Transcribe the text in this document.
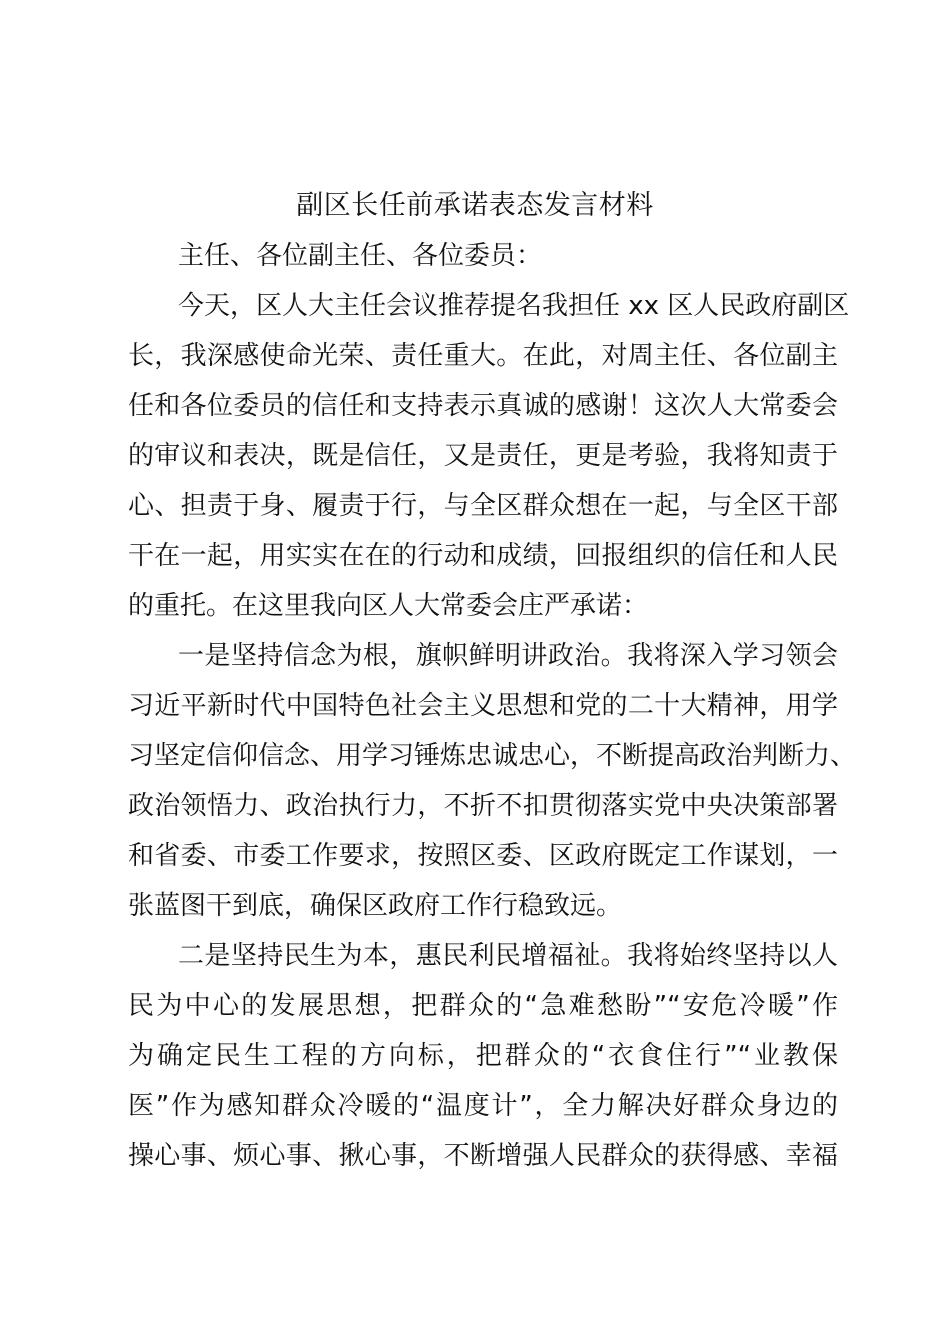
副区长任前承诺表态发言材料

主任、各位副主任、各位委员：

今天，区人大主任会议推荐提名我担任 xx 区人民政府副区

长，我深感使命光荣、责任重大。在此，对周主任、各位副主

任和各位委员的信任和支持表示真诚的感谢！这次人大常委会

的审议和表决，既是信任，又是责任，更是考验，我将知责于

心、担责于身、履责于行，与全区群众想在一起，与全区干部

干在一起，用实实在在的行动和成绩，回报组织的信任和人民

的重托。在这里我向区人大常委会庄严承诺：

一是坚持信念为根，旗帜鲜明讲政治。我将深入学习领会

习近平新时代中国特色社会主义思想和党的二十大精神，用学

习坚定信仰信念、用学习锤炼忠诚忠心，不断提高政治判断力、

政治领悟力、政治执行力，不折不扣贯彻落实党中央决策部署

和省委、市委工作要求，按照区委、区政府既定工作谋划，一

张蓝图干到底，确保区政府工作行稳致远。

二是坚持民生为本，惠民利民增福祉。我将始终坚持以人

民为中心的发展思想，把群众的“急难愁盼”“安危冷暖”作

为确定民生工程的方向标，把群众的“衣食住行”“业教保

医”作为感知群众冷暖的“温度计”，全力解决好群众身边的

操心事、烦心事、揪心事，不断增强人民群众的获得感、幸福
